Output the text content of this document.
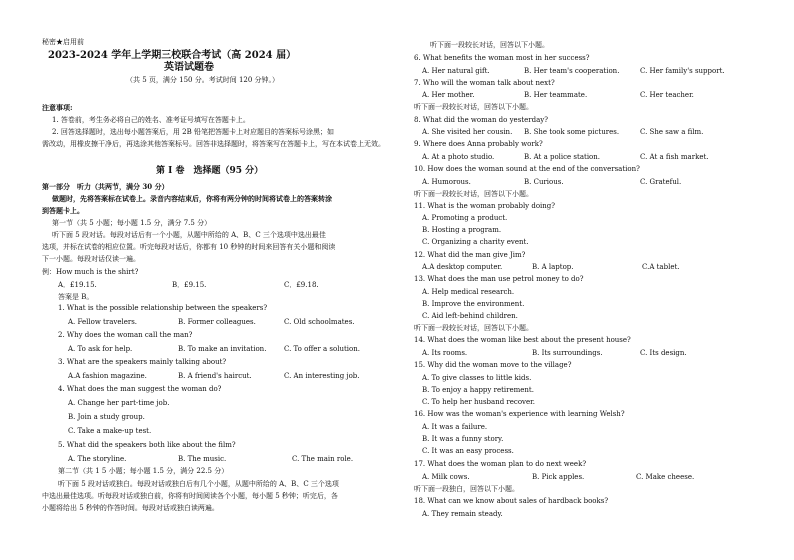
秘密★启用前
2023-2024 学年上学期三校联合考试（高 2024 届）
英语试题卷
（共 5 页，满分 150 分。考试时间 120 分钟。）
注意事项:
1. 答卷前，考生务必将自己的姓名、准考证号填写在答题卡上。
2. 回答选择题时，选出每小题答案后，用 2B 铅笔把答题卡上对应题目的答案标号涂黑；如
需改动，用橡皮擦干净后，再选涂其他答案标号。回答非选择题时，将答案写在答题卡上，写在本试卷上无效。
第 I 卷　选择题（95 分）
第一部分　听力（共两节，满分 30 分）
做题时，先将答案标在试卷上。录音内容结束后，你将有两分钟的时间将试卷上的答案转涂
到答题卡上。
第一节（共 5 小题；每小题 1.5 分，满分 7.5 分）
听下面 5 段对话。每段对话后有一个小题，从题中所给的 A、B、C 三个选项中选出最佳
选项，并标在试卷的相应位置。听完每段对话后，你都有 10 秒钟的时间来回答有关小题和阅读
下一小题。每段对话仅读一遍。
例：How much is the shirt?
A．£19.15.	B．£9.15.	C．£9.18.
答案是 B。
1. What is the possible relationship between the speakers?
A. Fellow travelers.	B. Former colleagues.	C. Old schoolmates.
2. Why does the woman call the man?
A. To ask for help.	B. To make an invitation.	C. To offer a solution.
3. What are the speakers mainly talking about?
A.A fashion magazine.	B. A friend's haircut.	C. An interesting job.
4. What does the man suggest the woman do?
A. Change her part-time job.
B. Join a study group.
C. Take a make-up test.
5. What did the speakers both like about the film?
A. The storyline.	B. The music.	C. The main role.
第二节（共 1 5 小题；每小题 1.5 分，满分 22.5 分）
听下面 5 段对话或独白。每段对话或独白后有几个小题，从题中所给的 A、B、C 三个选项
中选出最佳选项。听每段对话或独白前，你将有时间阅读各个小题，每小题 5 秒钟；听完后，各
小题将给出 5 秒钟的作答时间。每段对话或独白读两遍。
听下面一段较长对话，回答以下小题。
6. What benefits the woman most in her success?
A. Her natural gift.	B. Her team's cooperation.	C. Her family's support.
7. Who will the woman talk about next?
A. Her mother.	B. Her teammate.	C. Her teacher.
听下面一段较长对话，回答以下小题。
8. What did the woman do yesterday?
A. She visited her cousin. B. She took some pictures.	C. She saw a film.
9. Where does Anna probably work?
A. At a photo studio.	B. At a police station.	C. At a fish market.
10. How does the woman sound at the end of the conversation?
A. Humorous.	B. Curious.	C. Grateful.
听下面一段较长对话，回答以下小题。
11. What is the woman probably doing?
A. Promoting a product.
B. Hosting a program.
C. Organizing a charity event.
12. What did the man give Jim?
A.A desktop computer.	B. A laptop.	C.A tablet.
13. What does the man use petrol money to do?
A. Help medical research.
B. Improve the environment.
C. Aid left-behind children.
听下面一段较长对话，回答以下小题。
14. What does the woman like best about the present house?
A. Its rooms.	B. Its surroundings.	C. Its design.
15. Why did the woman move to the village?
A. To give classes to little kids.
B. To enjoy a happy retirement.
C. To help her husband recover.
16. How was the woman's experience with learning Welsh?
A. It was a failure.
B. It was a funny story.
C. It was an easy process.
17. What does the woman plan to do next week?
A. Milk cows.	B. Pick apples.	C. Make cheese.
听下面一段独白，回答以下小题。
18. What can we know about sales of hardback books?
A. They remain steady.
